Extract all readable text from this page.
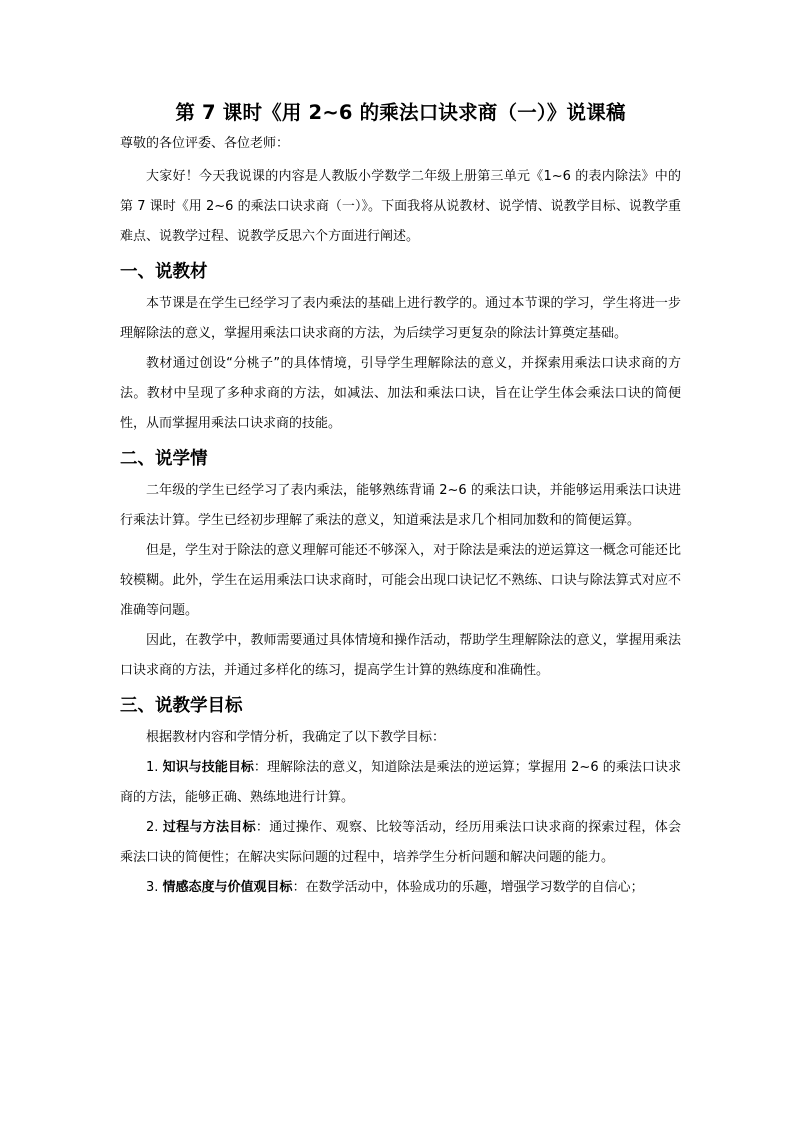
第 7 课时《用 2~6 的乘法口诀求商（一）》说课稿
尊敬的各位评委、各位老师：

大家好！今天我说课的内容是人教版小学数学二年级上册第三单元《1~6 的表内除法》中的第 7 课时《用 2~6 的乘法口诀求商（一）》。下面我将从说教材、说学情、说教学目标、说教学重难点、说教学过程、说教学反思六个方面进行阐述。

一、说教材

本节课是在学生已经学习了表内乘法的基础上进行教学的。通过本节课的学习，学生将进一步理解除法的意义，掌握用乘法口诀求商的方法，为后续学习更复杂的除法计算奠定基础。

教材通过创设“分桃子”的具体情境，引导学生理解除法的意义，并探索用乘法口诀求商的方法。教材中呈现了多种求商的方法，如减法、加法和乘法口诀，旨在让学生体会乘法口诀的简便性，从而掌握用乘法口诀求商的技能。

二、说学情

二年级的学生已经学习了表内乘法，能够熟练背诵 2~6 的乘法口诀，并能够运用乘法口诀进行乘法计算。学生已经初步理解了乘法的意义，知道乘法是求几个相同加数和的简便运算。

但是，学生对于除法的意义理解可能还不够深入，对于除法是乘法的逆运算这一概念可能还比较模糊。此外，学生在运用乘法口诀求商时，可能会出现口诀记忆不熟练、口诀与除法算式对应不准确等问题。

因此，在教学中，教师需要通过具体情境和操作活动，帮助学生理解除法的意义，掌握用乘法口诀求商的方法，并通过多样化的练习，提高学生计算的熟练度和准确性。

三、说教学目标

根据教材内容和学情分析，我确定了以下教学目标：

1. 知识与技能目标：理解除法的意义，知道除法是乘法的逆运算；掌握用 2~6 的乘法口诀求商的方法，能够正确、熟练地进行计算。

2. 过程与方法目标：通过操作、观察、比较等活动，经历用乘法口诀求商的探索过程，体会乘法口诀的简便性；在解决实际问题的过程中，培养学生分析问题和解决问题的能力。

3. 情感态度与价值观目标：在数学活动中，体验成功的乐趣，增强学习数学的自信心；
